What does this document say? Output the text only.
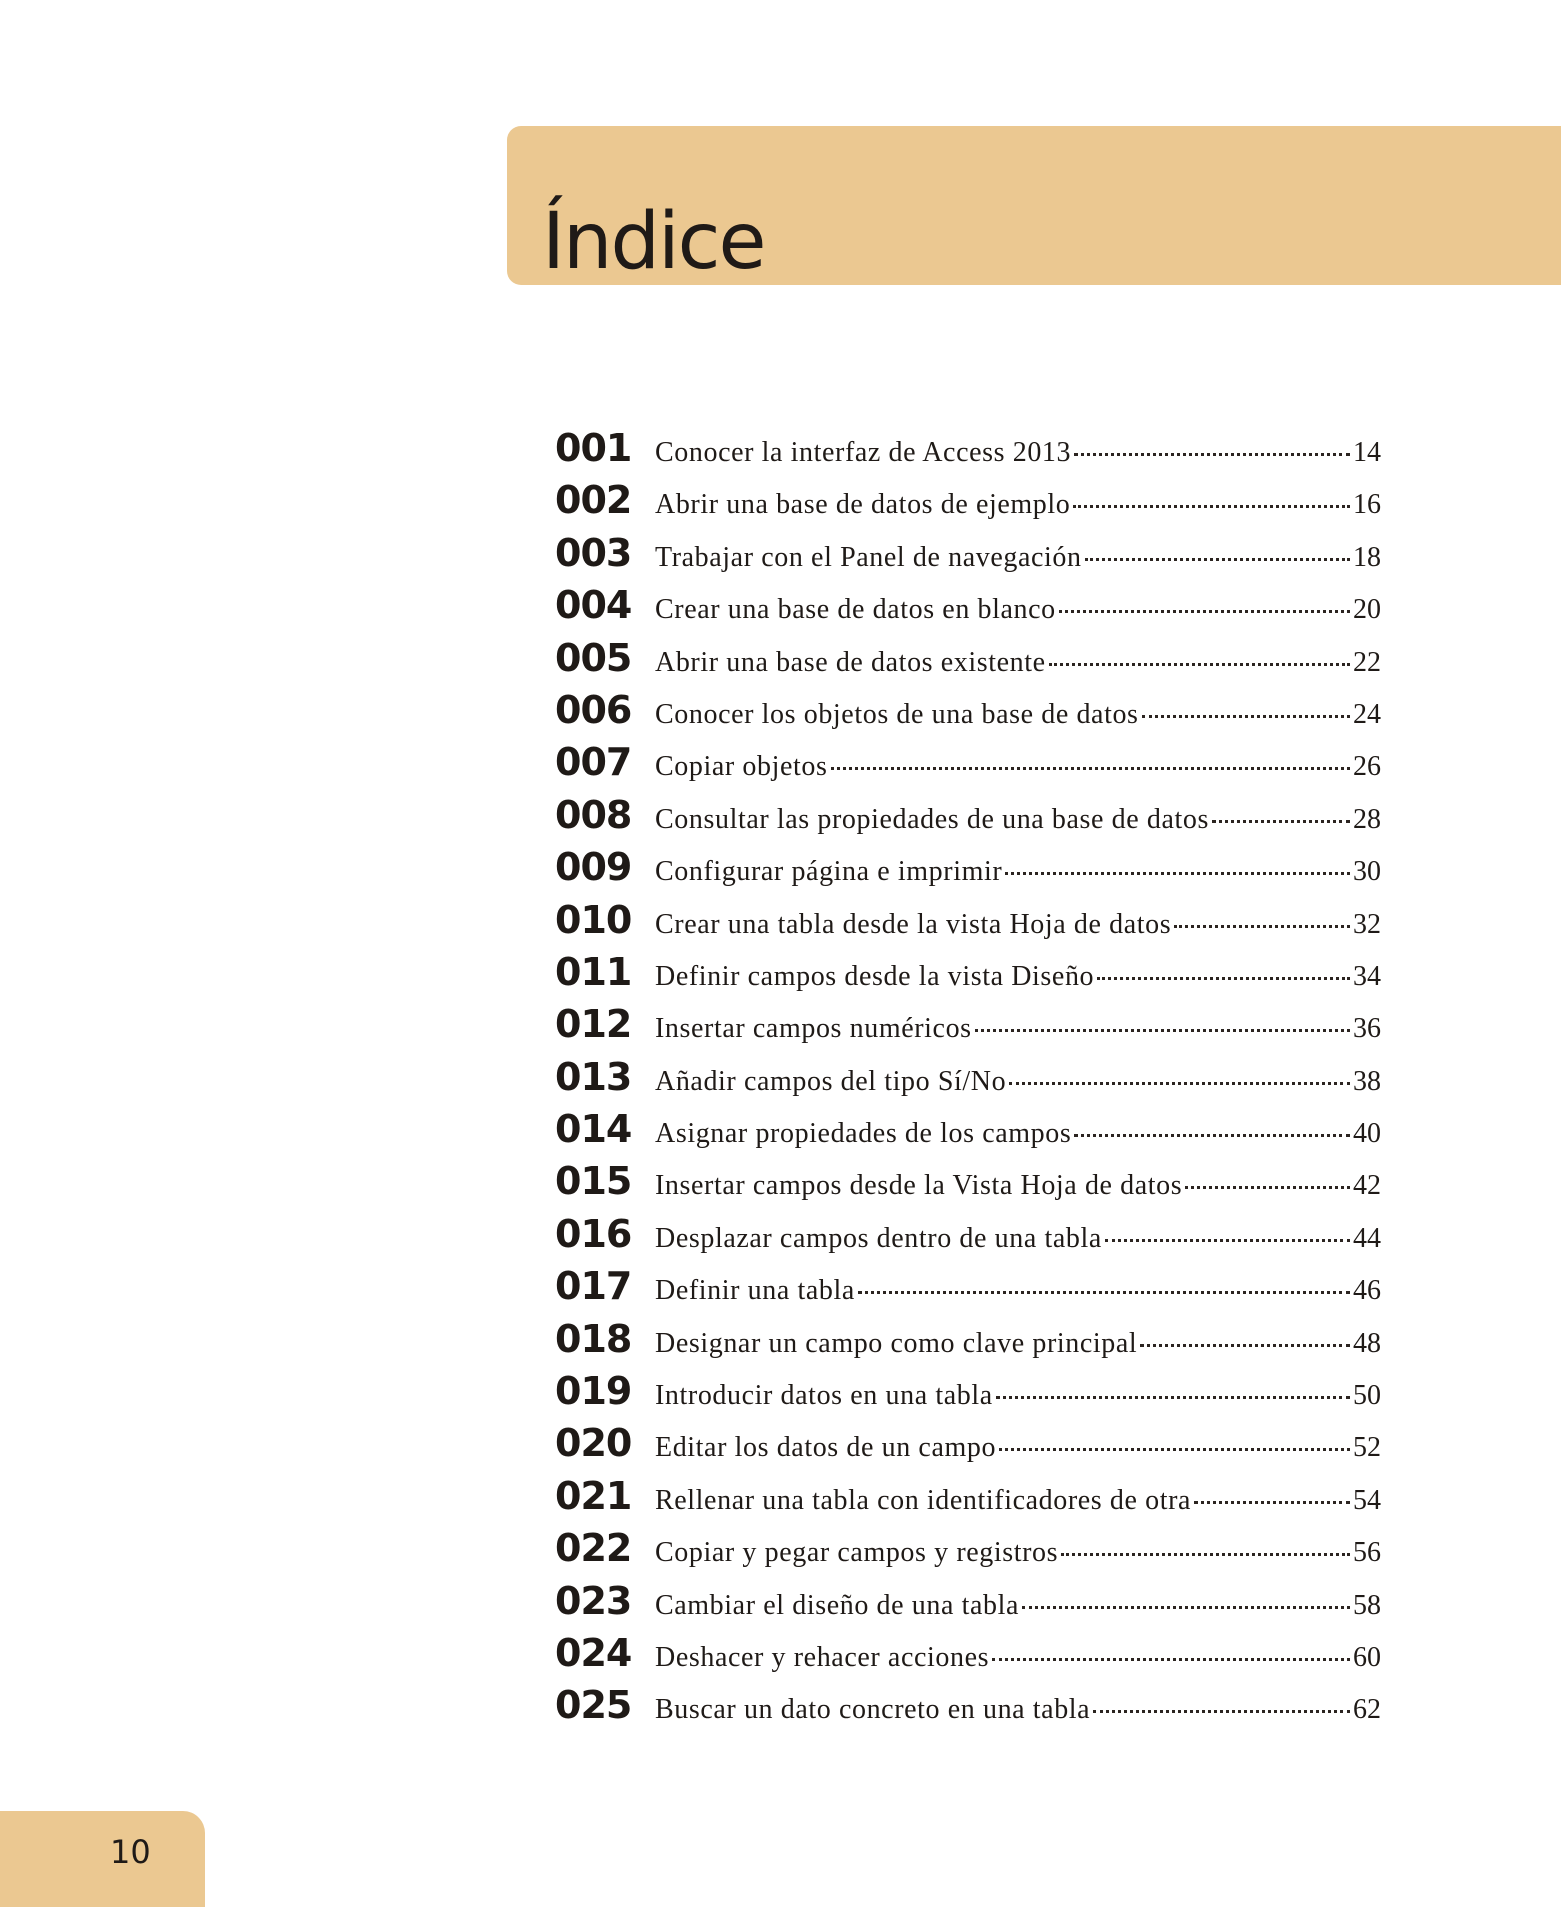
Índice
001 Conocer la interfaz de Access 2013	14
002 Abrir una base de datos de ejemplo	16
003 Trabajar con el Panel de navegación	18
004 Crear una base de datos en blanco	20
005 Abrir una base de datos existente	22
006 Conocer los objetos de una base de datos	24
007 Copiar objetos	26
008 Consultar las propiedades de una base de datos	28
009 Configurar página e imprimir	30
010 Crear una tabla desde la vista Hoja de datos	32
011 Definir campos desde la vista Diseño	34
012 Insertar campos numéricos	36
013 Añadir campos del tipo Sí/No	38
014 Asignar propiedades de los campos	40
015 Insertar campos desde la Vista Hoja de datos	42
016 Desplazar campos dentro de una tabla	44
017 Definir una tabla	46
018 Designar un campo como clave principal	48
019 Introducir datos en una tabla	50
020 Editar los datos de un campo	52
021 Rellenar una tabla con identificadores de otra	54
022 Copiar y pegar campos y registros	56
023 Cambiar el diseño de una tabla	58
024 Deshacer y rehacer acciones	60
025 Buscar un dato concreto en una tabla	62
10
